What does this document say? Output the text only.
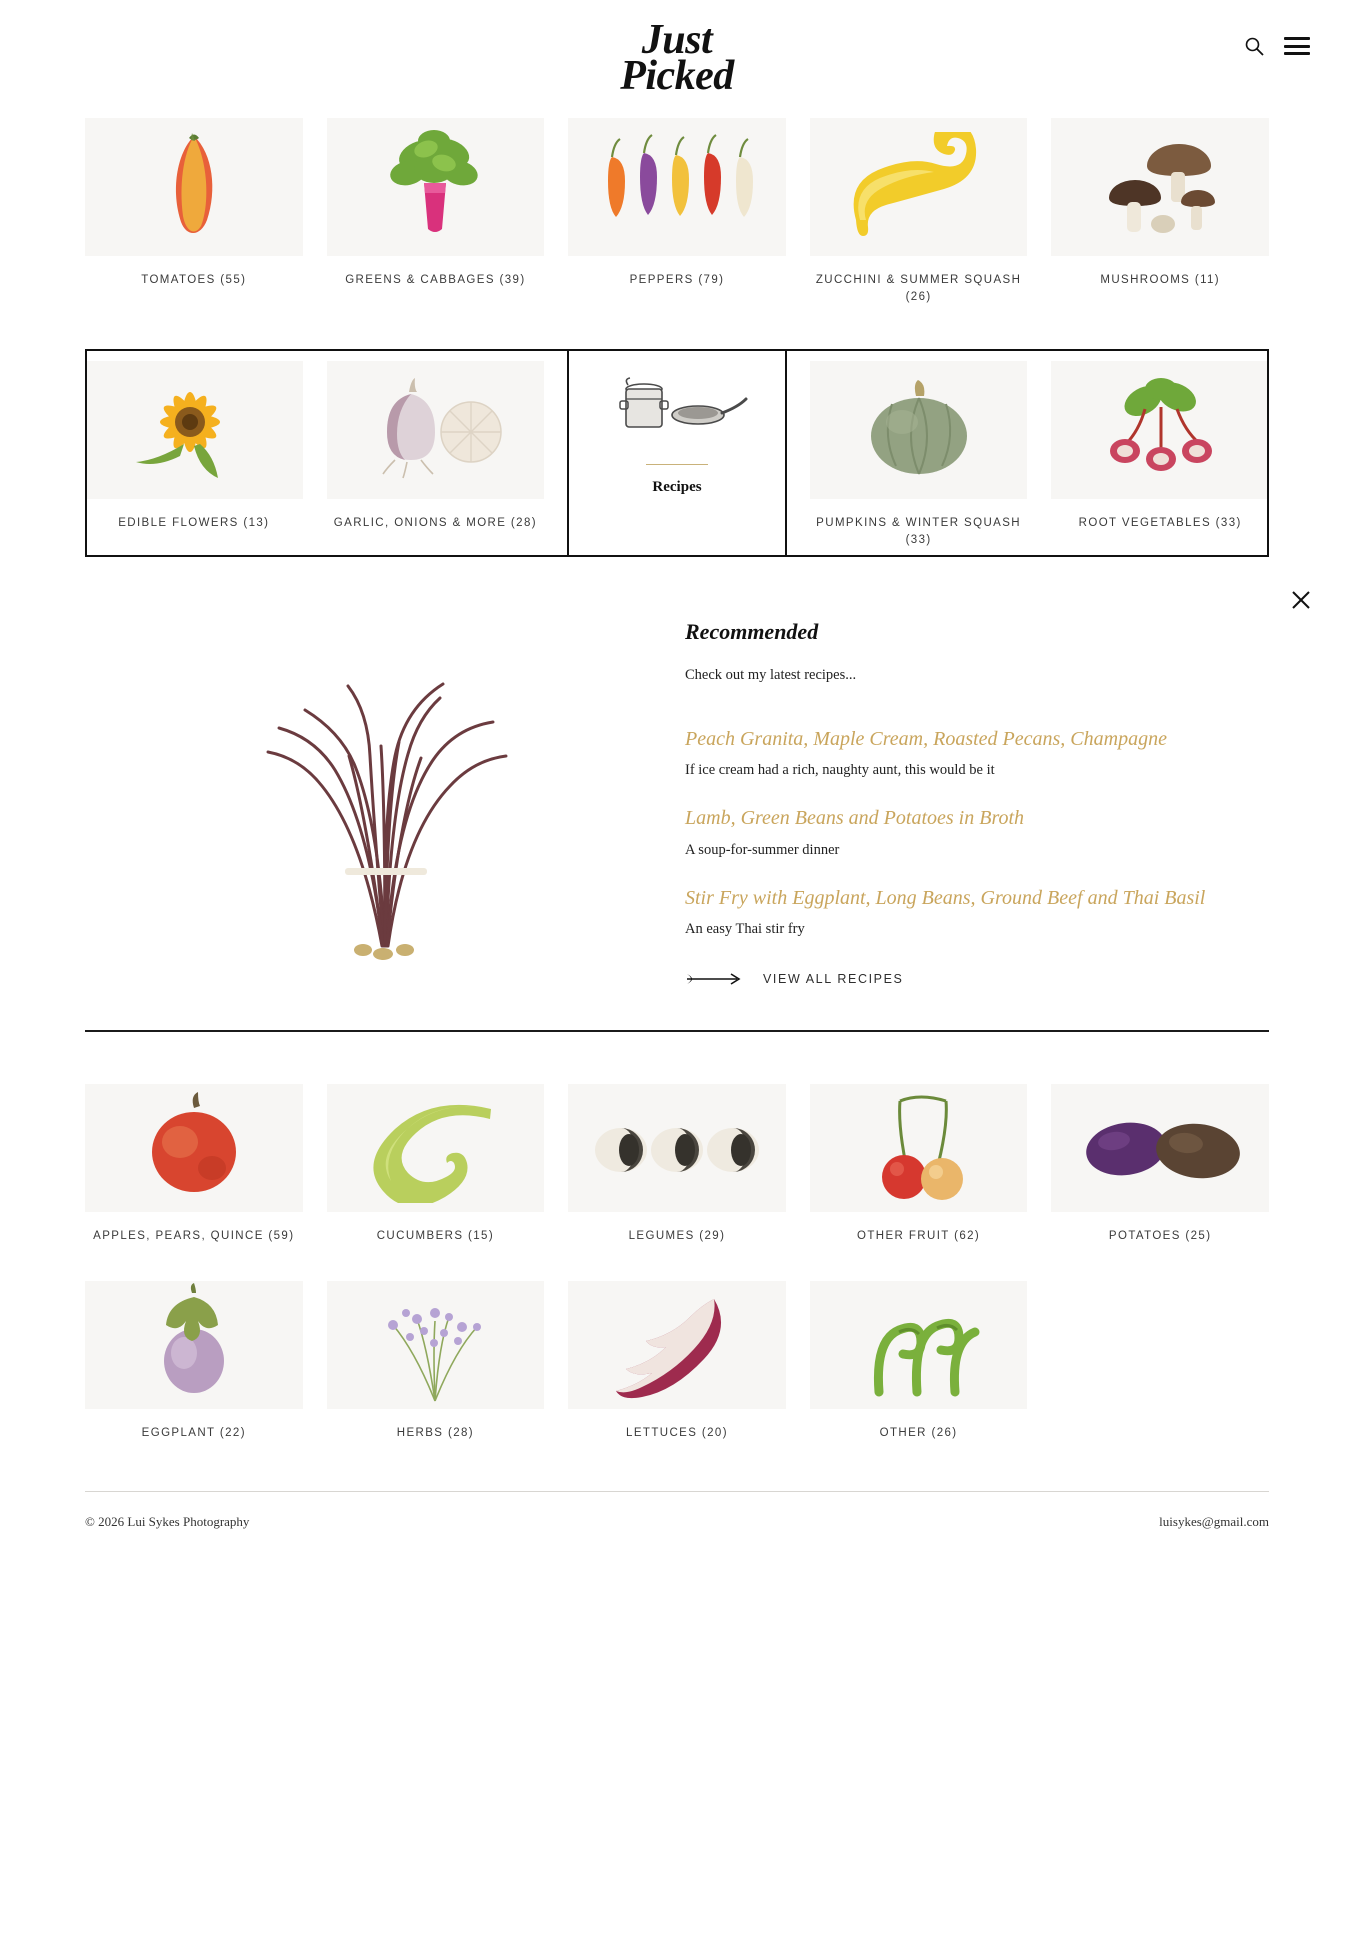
Just
Picked
TOMATOES (55)	GREENS & CABBAGES (39)	PEPPERS (79)	ZUCCHINI & SUMMER SQUASH (26)
MUSHROOMS (11)
EDIBLE FLOWERS (13)	GARLIC, ONIONS & MORE (28)	PUMPKINS & WINTER SQUASH (33)
ROOT VEGETABLES (33)
Recipes
Recommended

Check out my latest recipes...

Peach Granita, Maple Cream, Roasted Pecans, Champagne

If ice cream had a rich, naughty aunt, this would be it

Lamb, Green Beans and Potatoes in Broth

A soup-for-summer dinner

Stir Fry with Eggplant, Long Beans, Ground Beef and Thai Basil

An easy Thai stir fry

VIEW ALL RECIPES
APPLES, PEARS, QUINCE (59)	CUCUMBERS (15)	LEGUMES (29)	OTHER FRUIT (62)	POTATOES (25)
EGGPLANT (22)	HERBS (28)	LETTUCES (20)	OTHER (26)
© 2026 Lui Sykes Photography	luisykes@gmail.com
